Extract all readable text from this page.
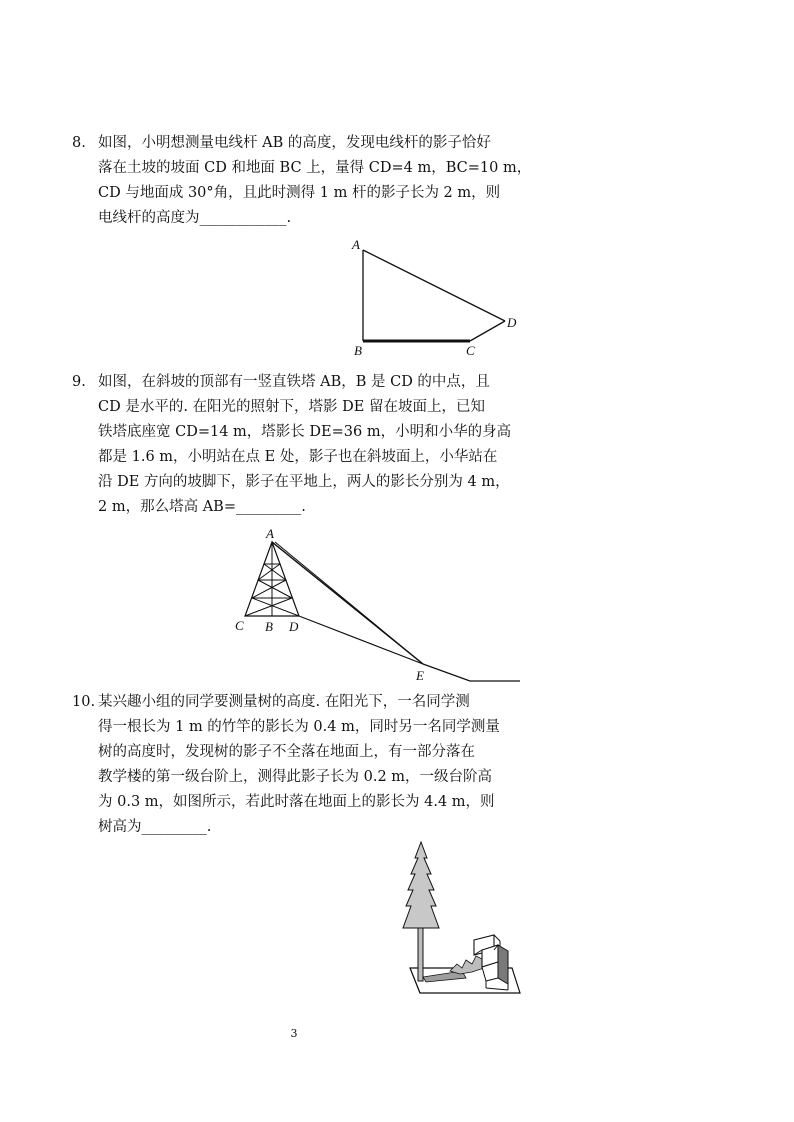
8. 如图，小明想测量电线杆 AB 的高度，发现电线杆的影子恰好
落在土坡的坡面 CD 和地面 BC 上，量得 CD=4 m，BC=10 m，
CD 与地面成 30°角，且此时测得 1 m 杆的影子长为 2 m，则
电线杆的高度为____________.
A
B	C
D
9. 如图，在斜坡的顶部有一竖直铁塔 AB，B 是 CD 的中点，且
CD 是水平的. 在阳光的照射下，塔影 DE 留在坡面上，已知
铁塔底座宽 CD=14 m，塔影长 DE=36 m，小明和小华的身高
都是 1.6 m，小明站在点 E 处，影子也在斜坡面上，小华站在
沿 DE 方向的坡脚下，影子在平地上，两人的影长分别为 4 m，
2 m，那么塔高 AB=_________.
A
C B D
E
10. 某兴趣小组的同学要测量树的高度. 在阳光下，一名同学测
得一根长为 1 m 的竹竿的影长为 0.4 m，同时另一名同学测量
树的高度时，发现树的影子不全落在地面上，有一部分落在
教学楼的第一级台阶上，测得此影子长为 0.2 m，一级台阶高
为 0.3 m，如图所示，若此时落在地面上的影长为 4.4 m，则
树高为_________.
3
